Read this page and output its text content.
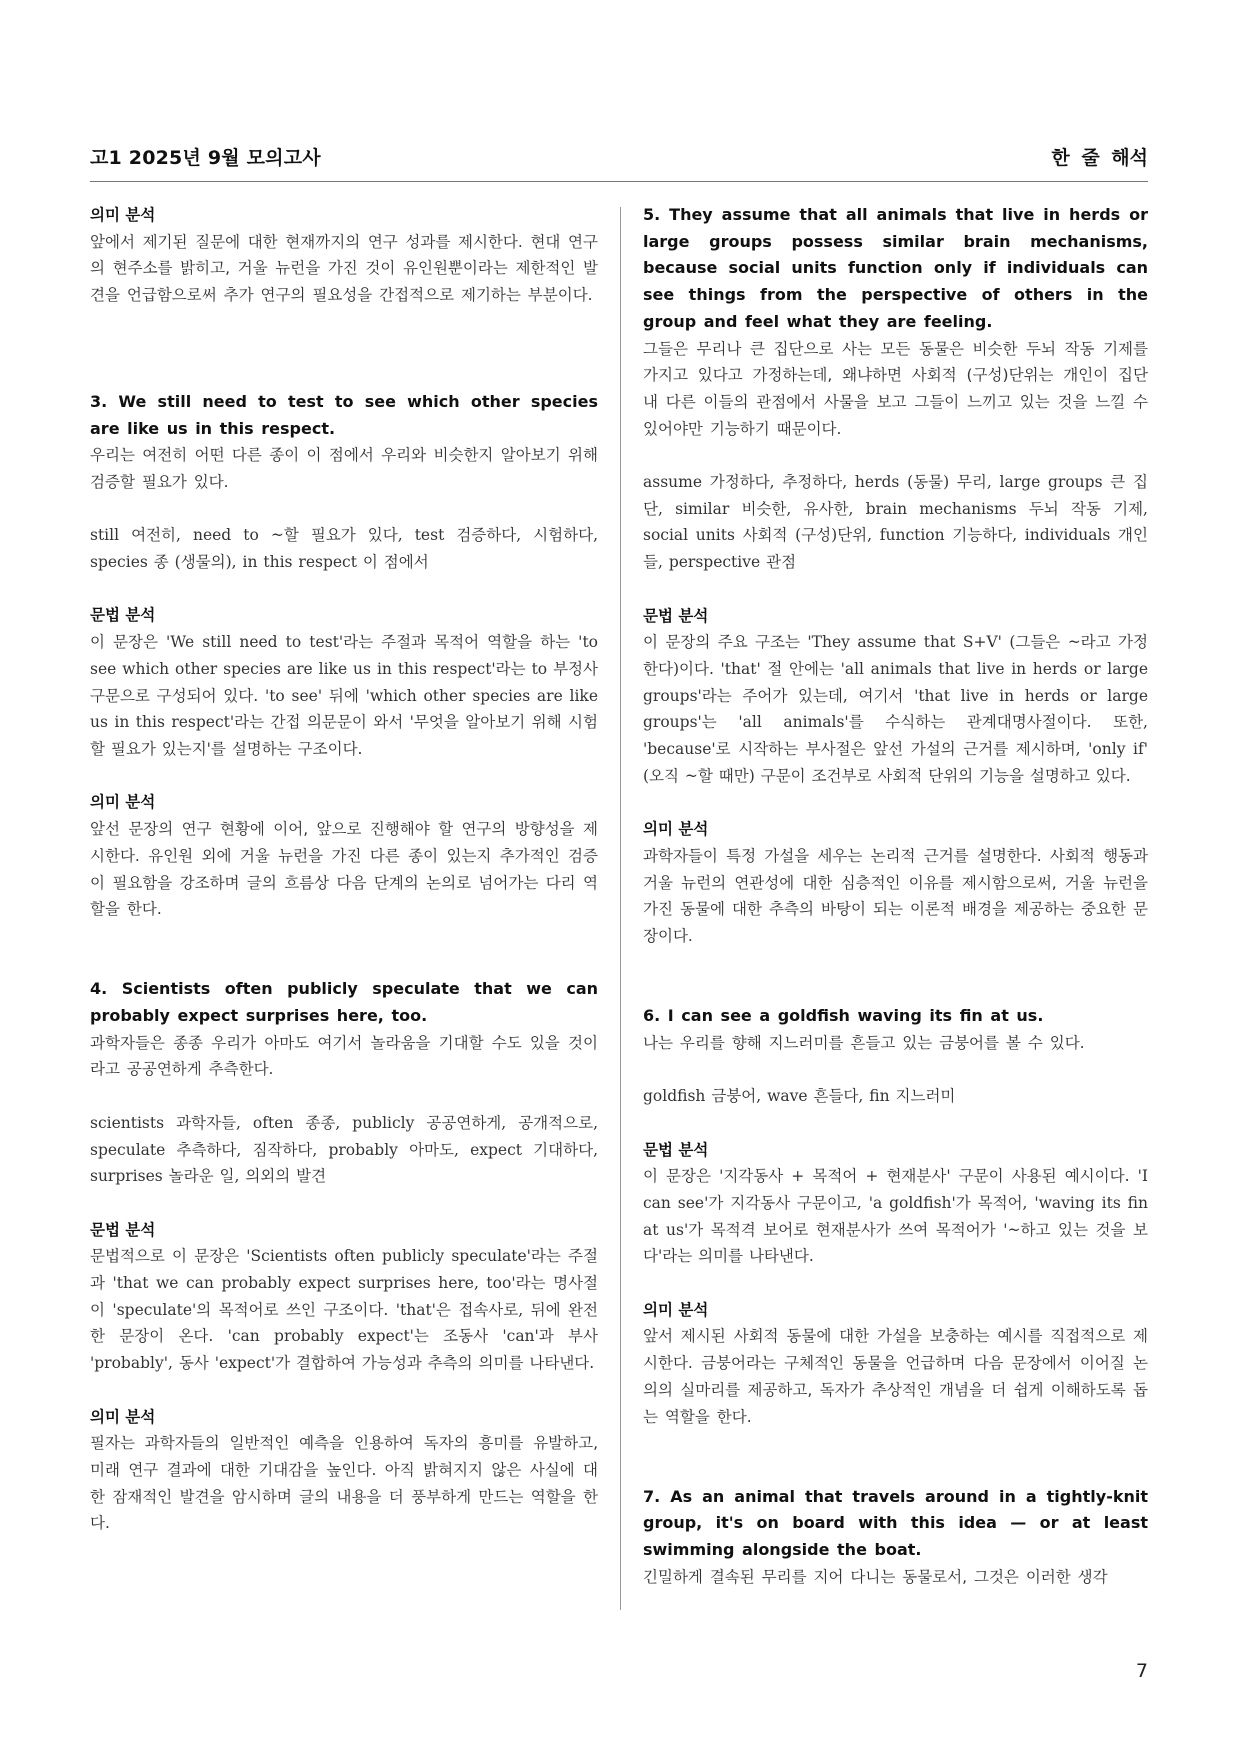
고1 2025년 9월 모의고사	한 줄 해석
의미 분석
앞에서 제기된 질문에 대한 현재까지의 연구 성과를 제시한다. 현대 연구의 현주소를 밝히고, 거울 뉴런을 가진 것이 유인원뿐이라는 제한적인 발견을 언급함으로써 추가 연구의 필요성을 간접적으로 제기하는 부분이다.
3. We still need to test to see which other species are like us in this respect.
우리는 여전히 어떤 다른 종이 이 점에서 우리와 비슷한지 알아보기 위해 검증할 필요가 있다.
still 여전히, need to ~할 필요가 있다, test 검증하다, 시험하다, species 종 (생물의), in this respect 이 점에서
문법 분석
이 문장은 'We still need to test'라는 주절과 목적어 역할을 하는 'to see which other species are like us in this respect'라는 to 부정사 구문으로 구성되어 있다. 'to see' 뒤에 'which other species are like us in this respect'라는 간접 의문문이 와서 '무엇을 알아보기 위해 시험할 필요가 있는지'를 설명하는 구조이다.
의미 분석
앞선 문장의 연구 현황에 이어, 앞으로 진행해야 할 연구의 방향성을 제시한다. 유인원 외에 거울 뉴런을 가진 다른 종이 있는지 추가적인 검증이 필요함을 강조하며 글의 흐름상 다음 단계의 논의로 넘어가는 다리 역할을 한다.
4. Scientists often publicly speculate that we can probably expect surprises here, too.
과학자들은 종종 우리가 아마도 여기서 놀라움을 기대할 수도 있을 것이라고 공공연하게 추측한다.
scientists 과학자들, often 종종, publicly 공공연하게, 공개적으로, speculate 추측하다, 짐작하다, probably 아마도, expect 기대하다, surprises 놀라운 일, 의외의 발견
문법 분석
문법적으로 이 문장은 'Scientists often publicly speculate'라는 주절과 'that we can probably expect surprises here, too'라는 명사절이 'speculate'의 목적어로 쓰인 구조이다. 'that'은 접속사로, 뒤에 완전한 문장이 온다. 'can probably expect'는 조동사 'can'과 부사 'probably', 동사 'expect'가 결합하여 가능성과 추측의 의미를 나타낸다.
의미 분석
필자는 과학자들의 일반적인 예측을 인용하여 독자의 흥미를 유발하고, 미래 연구 결과에 대한 기대감을 높인다. 아직 밝혀지지 않은 사실에 대한 잠재적인 발견을 암시하며 글의 내용을 더 풍부하게 만드는 역할을 한다.
5. They assume that all animals that live in herds or large groups possess similar brain mechanisms, because social units function only if individuals can see things from the perspective of others in the group and feel what they are feeling.
그들은 무리나 큰 집단으로 사는 모든 동물은 비슷한 두뇌 작동 기제를 가지고 있다고 가정하는데, 왜냐하면 사회적 (구성)단위는 개인이 집단 내 다른 이들의 관점에서 사물을 보고 그들이 느끼고 있는 것을 느낄 수 있어야만 기능하기 때문이다.
assume 가정하다, 추정하다, herds (동물) 무리, large groups 큰 집단, similar 비슷한, 유사한, brain mechanisms 두뇌 작동 기제, social units 사회적 (구성)단위, function 기능하다, individuals 개인들, perspective 관점
문법 분석
이 문장의 주요 구조는 'They assume that S+V' (그들은 ~라고 가정한다)이다. 'that' 절 안에는 'all animals that live in herds or large groups'라는 주어가 있는데, 여기서 'that live in herds or large groups'는 'all animals'를 수식하는 관계대명사절이다. 또한, 'because'로 시작하는 부사절은 앞선 가설의 근거를 제시하며, 'only if' (오직 ~할 때만) 구문이 조건부로 사회적 단위의 기능을 설명하고 있다.
의미 분석
과학자들이 특정 가설을 세우는 논리적 근거를 설명한다. 사회적 행동과 거울 뉴런의 연관성에 대한 심층적인 이유를 제시함으로써, 거울 뉴런을 가진 동물에 대한 추측의 바탕이 되는 이론적 배경을 제공하는 중요한 문장이다.
6. I can see a goldfish waving its fin at us.
나는 우리를 향해 지느러미를 흔들고 있는 금붕어를 볼 수 있다.
goldfish 금붕어, wave 흔들다, fin 지느러미
문법 분석
이 문장은 '지각동사 + 목적어 + 현재분사' 구문이 사용된 예시이다. 'I can see'가 지각동사 구문이고, 'a goldfish'가 목적어, 'waving its fin at us'가 목적격 보어로 현재분사가 쓰여 목적어가 '~하고 있는 것을 보다'라는 의미를 나타낸다.
의미 분석
앞서 제시된 사회적 동물에 대한 가설을 보충하는 예시를 직접적으로 제시한다. 금붕어라는 구체적인 동물을 언급하며 다음 문장에서 이어질 논의의 실마리를 제공하고, 독자가 추상적인 개념을 더 쉽게 이해하도록 돕는 역할을 한다.
7. As an animal that travels around in a tightly-knit group, it's on board with this idea — or at least swimming alongside the boat.
긴밀하게 결속된 무리를 지어 다니는 동물로서, 그것은 이러한 생각
7
